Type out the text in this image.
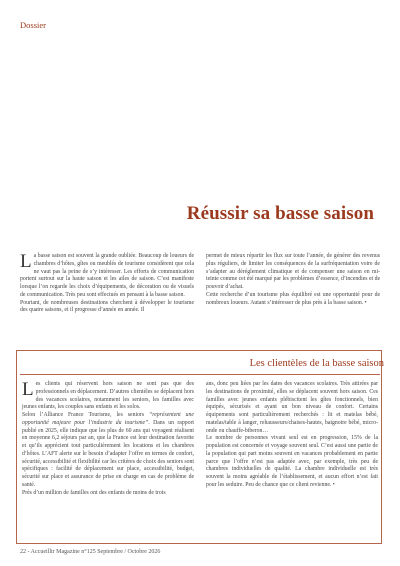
Dossier
Réussir sa basse saison

La basse saison est souvent la grande oubliée. Beaucoup de loueurs de chambres d’hôtes, gîtes ou meublés de tourisme considèrent que cela ne vaut pas la peine de s’y intéresser. Les efforts de communication portent surtout sur la haute saison et les ailes de saison. C’est manifeste lorsque l’on regarde les choix d’équipements, de décoration ou de visuels de communication. Très peu sont effectués en pensant à la basse saison.

Pourtant, de nombreuses destinations cherchent à développer le tourisme des quatre saisons, et il progresse d’année en année. Il

permet de mieux répartir les flux sur toute l’année, de générer des revenus plus réguliers, de limiter les conséquences de la surfréquentation voire de s’adapter au déréglement climatique et de compenser une saison en mi-teinte comme cet été marqué par les problèmes d’essence, d’incendies et de pouvoir d’achat.

Cette recherche d’un tourisme plus équilibré est une opportunité pour de nombreux loueurs. Autant s’intéresser de plus près à la basse saison. •

Les clientèles de la basse saison

Les clients qui réservent hors saison ne sont pas que des professionnels en déplacement. D’autres clientèles se déplacent hors des vacances scolaires, notamment les seniors, les familles avec jeunes enfants, les couples sans enfants et les solos.

Selon l’Alliance France Tourisme, les seniors “représentent une opportunité majeure pour l’industrie du tourisme”. Dans un rapport publié en 2025, elle indique que les plus de 60 ans qui voyagent réalisent en moyenne 6,2 séjours par an, que la France est leur destination favorite et qu’ils apprécient tout particulièrement les locations et les chambres d’hôtes. L’AFT alerte sur le besoin d’adapter l’offre en termes de confort, sécurité, accessibilité et flexibilité car les critères de choix des seniors sont spécifiques : facilité de déplacement sur place, accessibilité, budget, sécurité sur place et assurance de prise en charge en cas de problème de santé.

Près d’un million de familles ont des enfants de moins de trois

ans, donc peu liées par les dates des vacances scolaires. Très attirées par les destinations de proximité, elles se déplacent souvent hors saison. Ces familles avec jeunes enfants plébiscitent les gîtes fonctionnels, bien équipés, sécurisés et ayant un bon niveau de confort. Certains équipements sont particulièrement recherchés : lit et matelas bébé, matelas/table à langer, rehausseurs/chaises-hautes, baignoire bébé, micro-onde ou chauffe-biberon…

Le nombre de personnes vivant seul est en progression, 15% de la population est concernée et voyage souvent seul. C’est aussi une partie de la population qui part moins souvent en vacances probablement en partie parce que l’offre n’est pas adaptée avec, par exemple, très peu de chambres individuelles de qualité. La chambre individuelle est très souvent la moins agréable de l’établissement, et aucun effort n’est fait pour les seduire. Peu de chance que ce client revienne. •

22 - Accueillir Magazine n°125 Septembre / Octobre 2026
